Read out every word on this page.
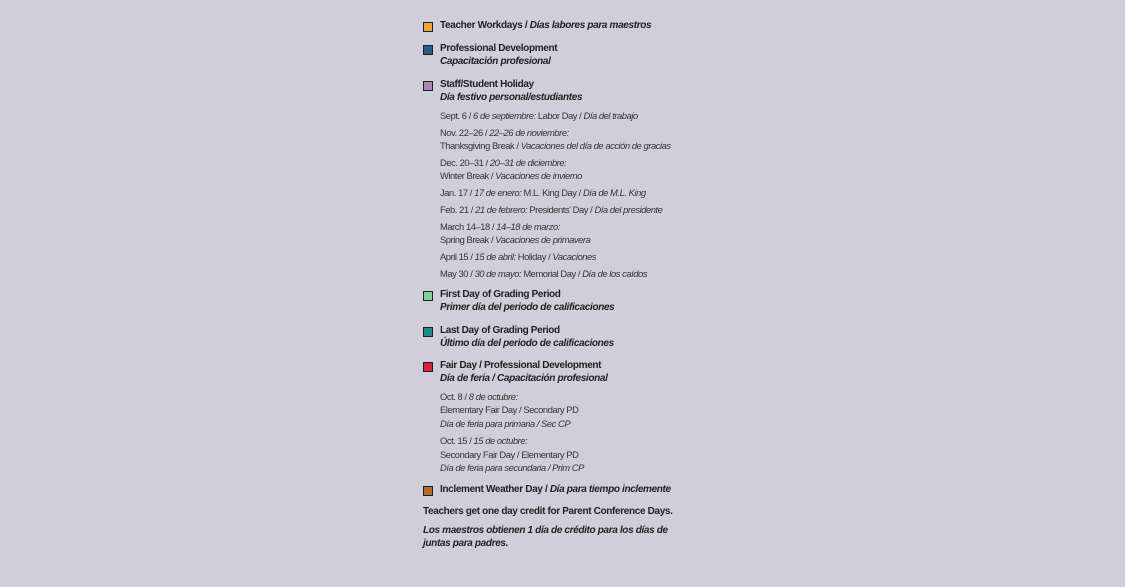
Teacher Workdays / Días labores para maestros
Professional Development
Capacitación profesional
Staff/Student Holiday
Día festivo personal/estudiantes
Sept. 6 / 6 de septiembre: Labor Day / Día del trabajo
Nov. 22–26 / 22–26 de noviembre:
Thanksgiving Break / Vacaciones del día de acción de gracias
Dec. 20–31 / 20–31 de diciembre:
Winter Break / Vacaciones de invierno
Jan. 17 / 17 de enero: M.L. King Day / Día de M.L. King
Feb. 21 / 21 de febrero: Presidents' Day / Día del presidente
March 14–18 / 14–18 de marzo:
Spring Break / Vacaciones de primavera
April 15 / 15 de abril: Holiday / Vacaciones
May 30 / 30 de mayo: Memorial Day / Día de los caídos
First Day of Grading Period
Primer día del periodo de calificaciones
Last Day of Grading Period
Último día del periodo de calificaciones
Fair Day / Professional Development
Día de feria / Capacitación profesional
Oct. 8 / 8 de octubre:
Elementary Fair Day / Secondary PD
Día de feria para primaria / Sec CP
Oct. 15 / 15 de octubre:
Secondary Fair Day / Elementary PD
Día de feria para secundaria / Prim CP
Inclement Weather Day / Día para tiempo inclemente
Teachers get one day credit for Parent Conference Days.
Los maestros obtienen 1 día de crédito para los días de
juntas para padres.
